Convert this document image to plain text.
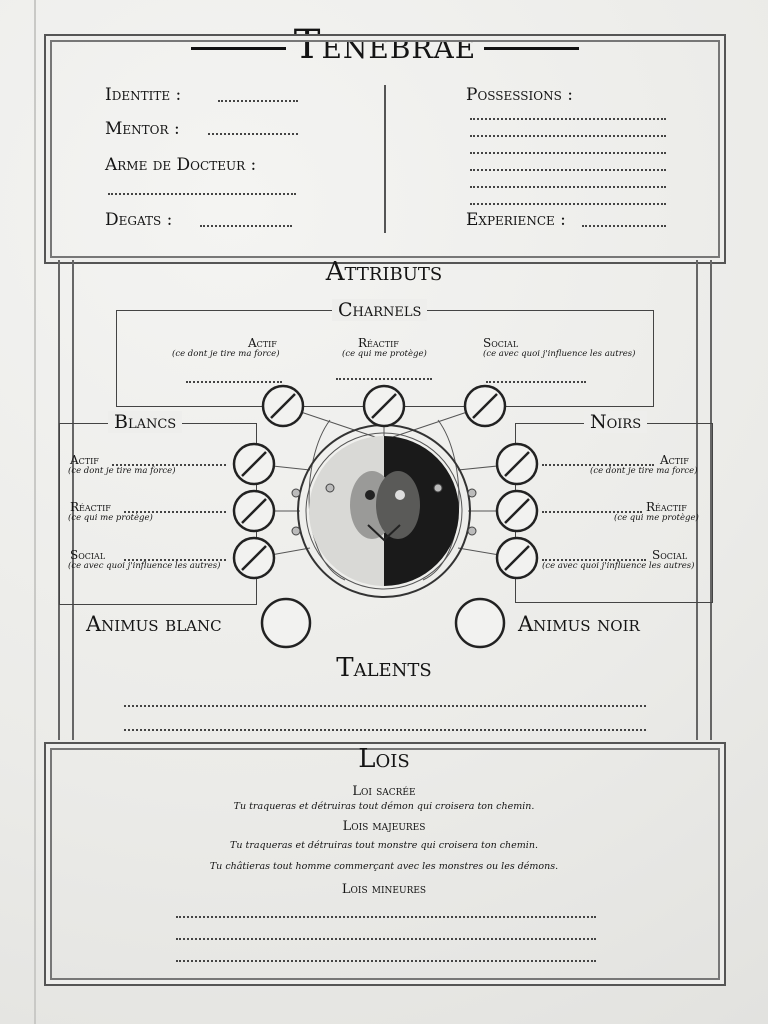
Tenebrae
Identite :
Mentor :
Arme de Docteur :
Degats :
Possessions :
Experience :
Attributs
Charnels
Actif
(ce dont je tire ma force)
Réactif
(ce qui me protège)
Social
(ce avec quoi j'influence les autres)
Blancs
Actif
(ce dont je tire ma force)
Réactif
(ce qui me protège)
Social
(ce avec quoi j'influence les autres)
Noirs
Actif
(ce dont je tire ma force)
Réactif
(ce qui me protège)
Social
(ce avec quoi j'influence les autres)
Animus blanc	Animus noir
Talents
Lois
Loi sacrée
Tu traqueras et détruiras tout démon qui croisera ton chemin.
Lois majeures
Tu traqueras et détruiras tout monstre qui croisera ton chemin.
Tu châtieras tout homme commerçant avec les monstres ou les démons.
Lois mineures
